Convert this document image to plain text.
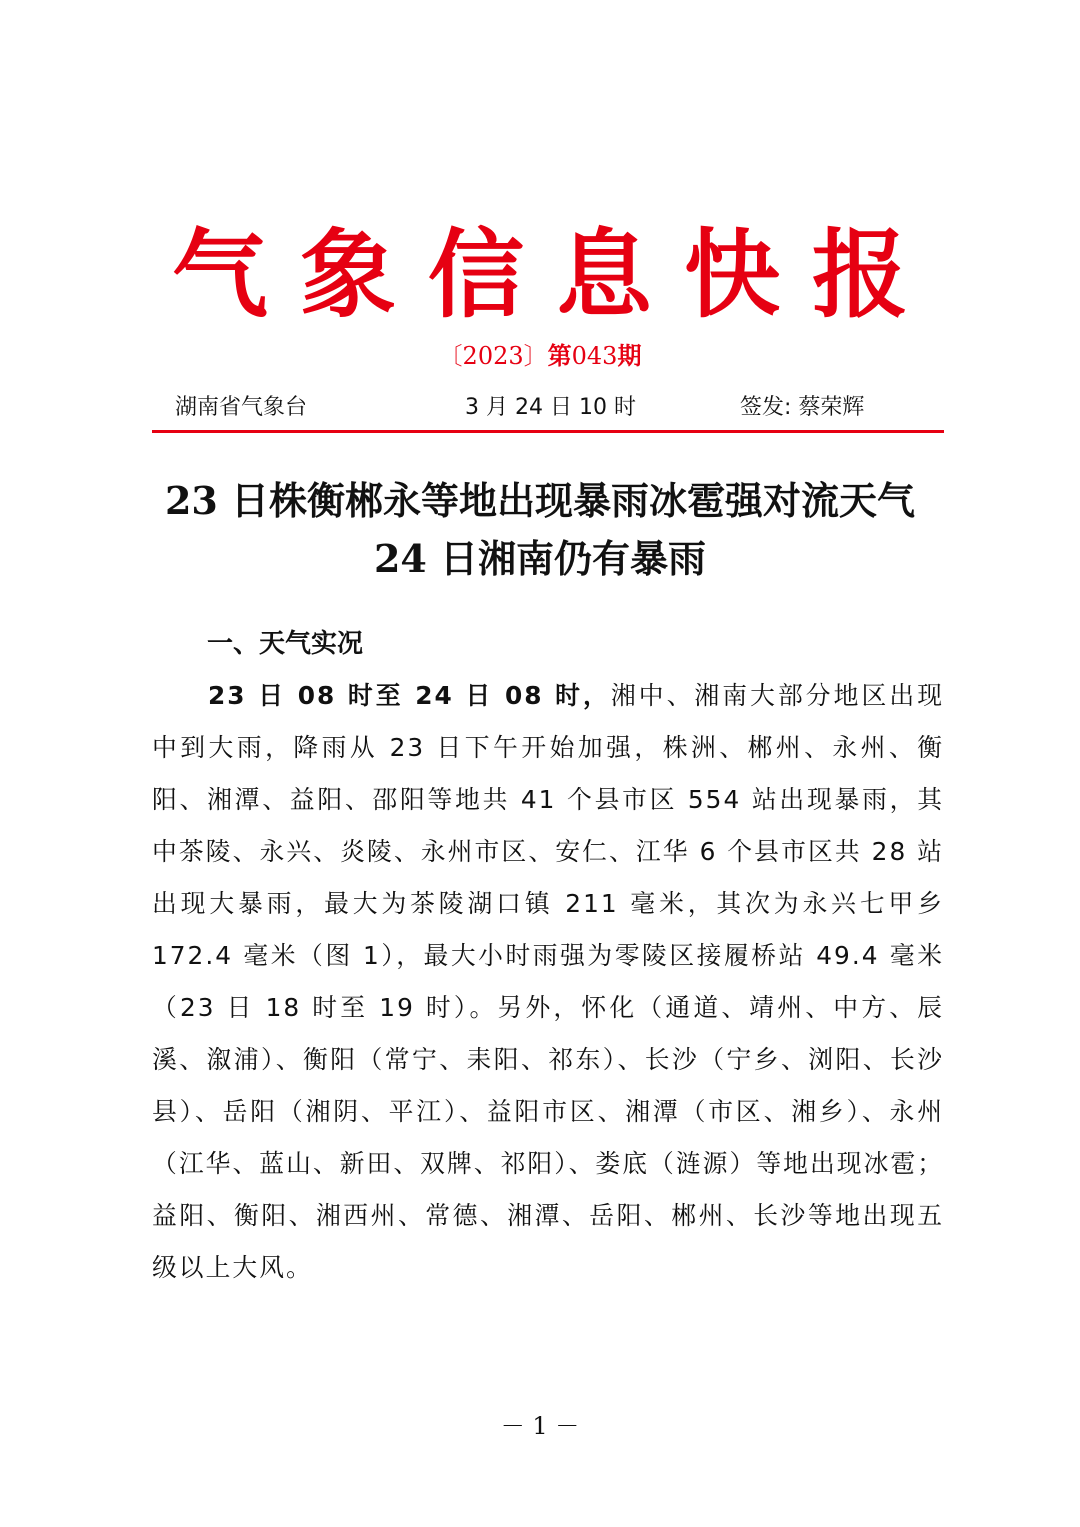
气象信息快报
〔2023〕第043期
湖南省气象台	3 月 24 日 10 时	签发: 蔡荣辉
23 日株衡郴永等地出现暴雨冰雹强对流天气
24 日湘南仍有暴雨
一、天气实况

23 日 08 时至 24 日 08 时，湘中、湘南大部分地区出现中到大雨，降雨从 23 日下午开始加强，株洲、郴州、永州、衡阳、湘潭、益阳、邵阳等地共 41 个县市区 554 站出现暴雨，其中茶陵、永兴、炎陵、永州市区、安仁、江华 6 个县市区共 28 站出现大暴雨，最大为茶陵湖口镇 211 毫米，其次为永兴七甲乡 172.4 毫米（图 1），最大小时雨强为零陵区接履桥站 49.4 毫米（23 日 18 时至 19 时）。另外，怀化（通道、靖州、中方、辰溪、溆浦）、衡阳（常宁、耒阳、祁东）、长沙（宁乡、浏阳、长沙县）、岳阳（湘阴、平江）、益阳市区、湘潭（市区、湘乡）、永州（江华、蓝山、新田、双牌、祁阳）、娄底（涟源）等地出现冰雹；益阳、衡阳、湘西州、常德、湘潭、岳阳、郴州、长沙等地出现五级以上大风。

－ 1 －
